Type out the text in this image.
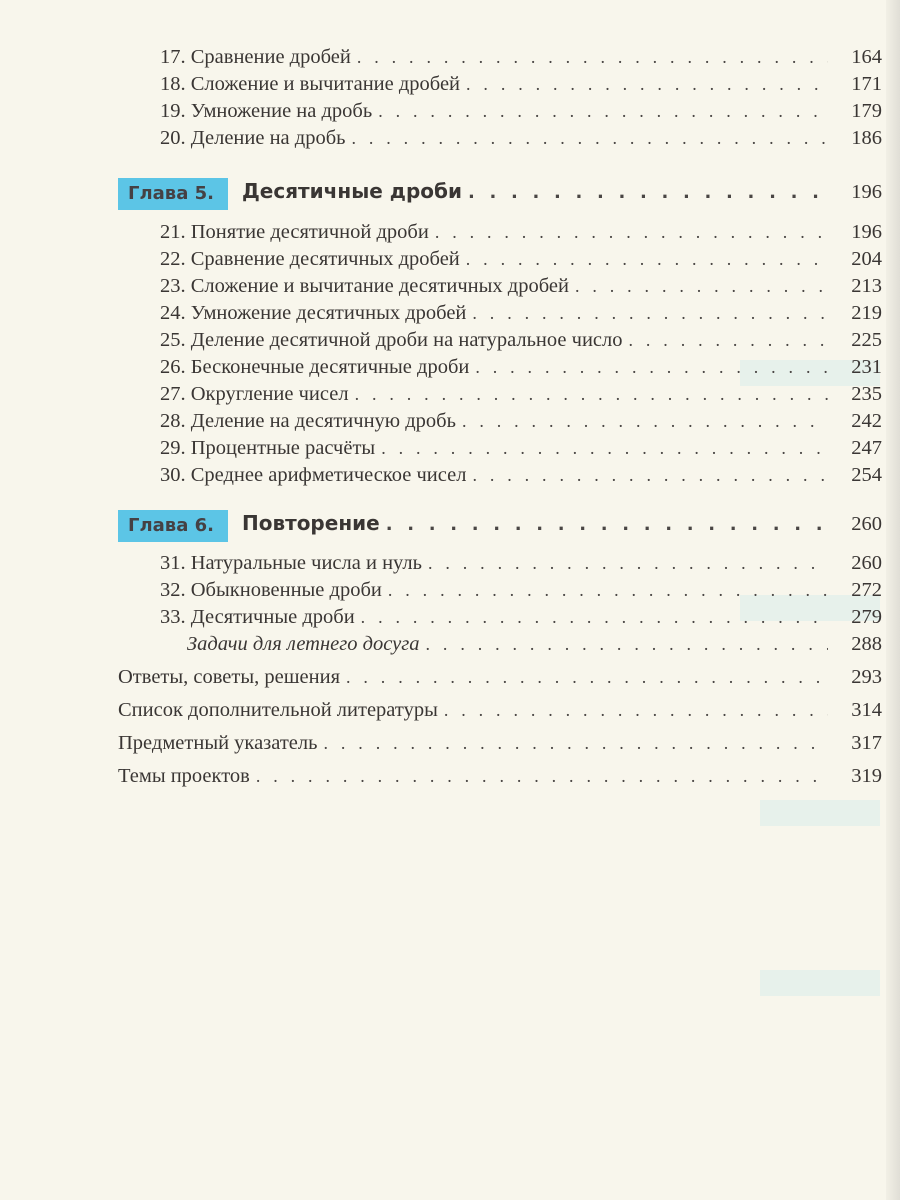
17. Сравнение дробей . . .	164
18. Сложение и вычитание дробей . . .	171
19. Умножение на дробь . . .	179
20. Деление на дробь . . .	186
Глава 5.	Десятичные дроби . . .	196
21. Понятие десятичной дроби . . .	196
22. Сравнение десятичных дробей . . .	204
23. Сложение и вычитание десятичных дробей . . .	213
24. Умножение десятичных дробей . . .	219
25. Деление десятичной дроби на натуральное число . . .	225
26. Бесконечные десятичные дроби . . .	231
27. Округление чисел . . .	235
28. Деление на десятичную дробь . . .	242
29. Процентные расчёты . . .	247
30. Среднее арифметическое чисел . . .	254
Глава 6.	Повторение . . .	260
31. Натуральные числа и нуль . . .	260
32. Обыкновенные дроби . . .	272
33. Десятичные дроби . . .	279
Задачи для летнего досуга . . .	288
Ответы, советы, решения . . .	293
Список дополнительной литературы . . .	314
Предметный указатель . . .	317
Темы проектов . . .	319
